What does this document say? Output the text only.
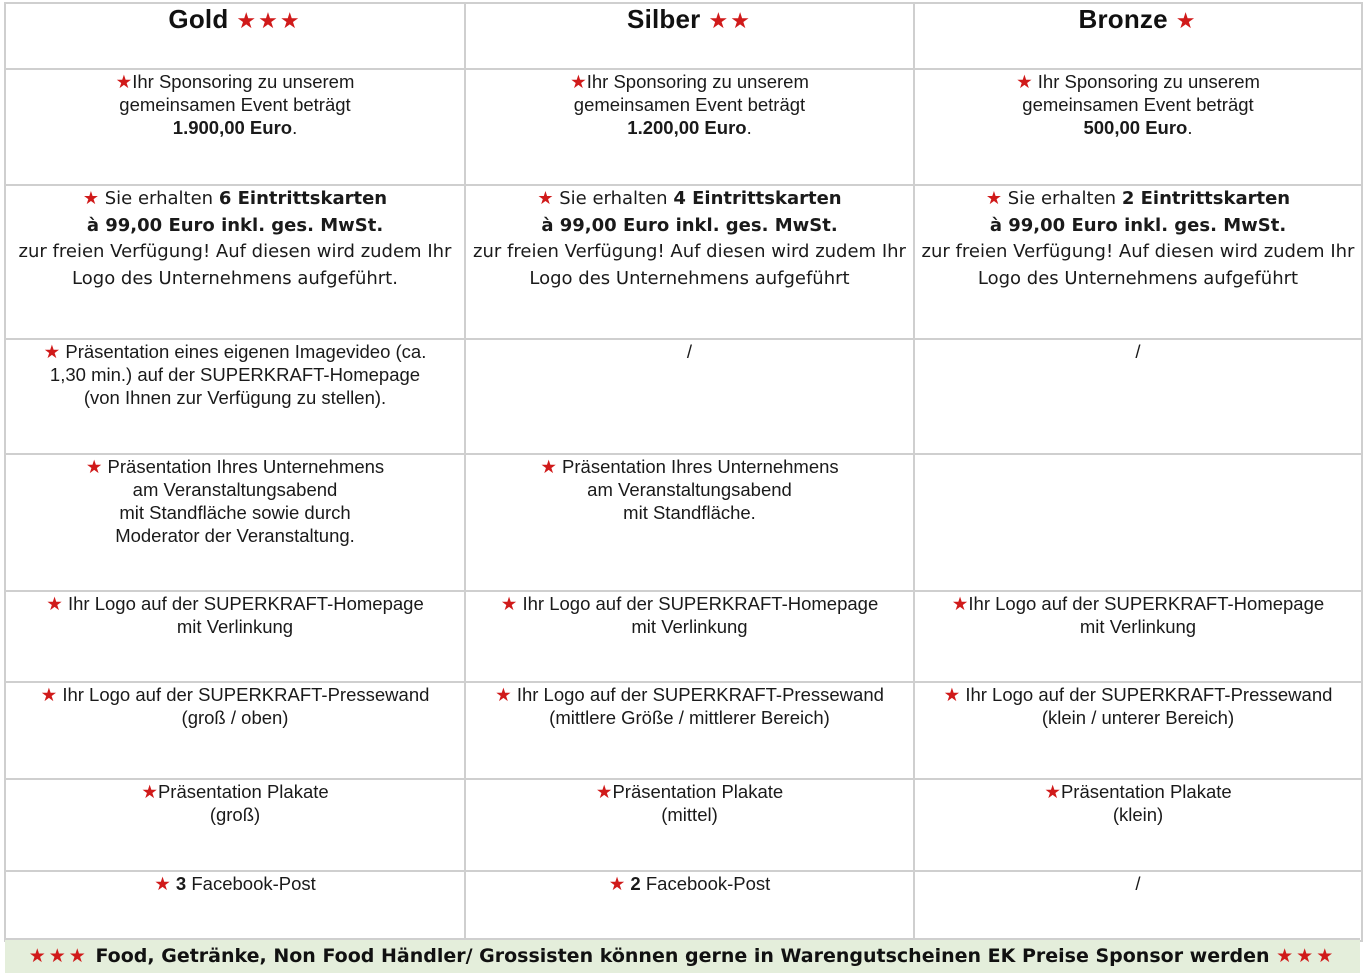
Gold ★★★	Silber ★★	Bronze ★
★Ihr Sponsoring zu unserem
gemeinsamen Event beträgt
1.900,00 Euro.	★Ihr Sponsoring zu unserem
gemeinsamen Event beträgt
1.200,00 Euro.	★ Ihr Sponsoring zu unserem
gemeinsamen Event beträgt
500,00 Euro.
★ Sie erhalten 6 Eintrittskarten
à 99,00 Euro inkl. ges. MwSt.
zur freien Verfügung! Auf diesen wird zudem Ihr
Logo des Unternehmens aufgeführt.	★ Sie erhalten 4 Eintrittskarten
à 99,00 Euro inkl. ges. MwSt.
zur freien Verfügung! Auf diesen wird zudem Ihr
Logo des Unternehmens aufgeführt	★ Sie erhalten 2 Eintrittskarten
à 99,00 Euro inkl. ges. MwSt.
zur freien Verfügung! Auf diesen wird zudem Ihr
Logo des Unternehmens aufgeführt
★ Präsentation eines eigenen Imagevideo (ca.
1,30 min.) auf der SUPERKRAFT-Homepage
(von Ihnen zur Verfügung zu stellen).	/	/
★ Präsentation Ihres Unternehmens
am Veranstaltungsabend
mit Standfläche sowie durch
Moderator der Veranstaltung.	★ Präsentation Ihres Unternehmens
am Veranstaltungsabend
mit Standfläche.	
★ Ihr Logo auf der SUPERKRAFT-Homepage
mit Verlinkung	★ Ihr Logo auf der SUPERKRAFT-Homepage
mit Verlinkung	★Ihr Logo auf der SUPERKRAFT-Homepage
mit Verlinkung
★ Ihr Logo auf der SUPERKRAFT-Pressewand
(groß / oben)	★ Ihr Logo auf der SUPERKRAFT-Pressewand
(mittlere Größe / mittlerer Bereich)	★ Ihr Logo auf der SUPERKRAFT-Pressewand
(klein / unterer Bereich)
★Präsentation Plakate
(groß)	★Präsentation Plakate
(mittel)	★Präsentation Plakate
(klein)
★ 3 Facebook-Post	★ 2 Facebook-Post	/
★★★ Food, Getränke, Non Food Händler/ Grossisten können gerne in Warengutscheinen EK Preise Sponsor werden ★★★
